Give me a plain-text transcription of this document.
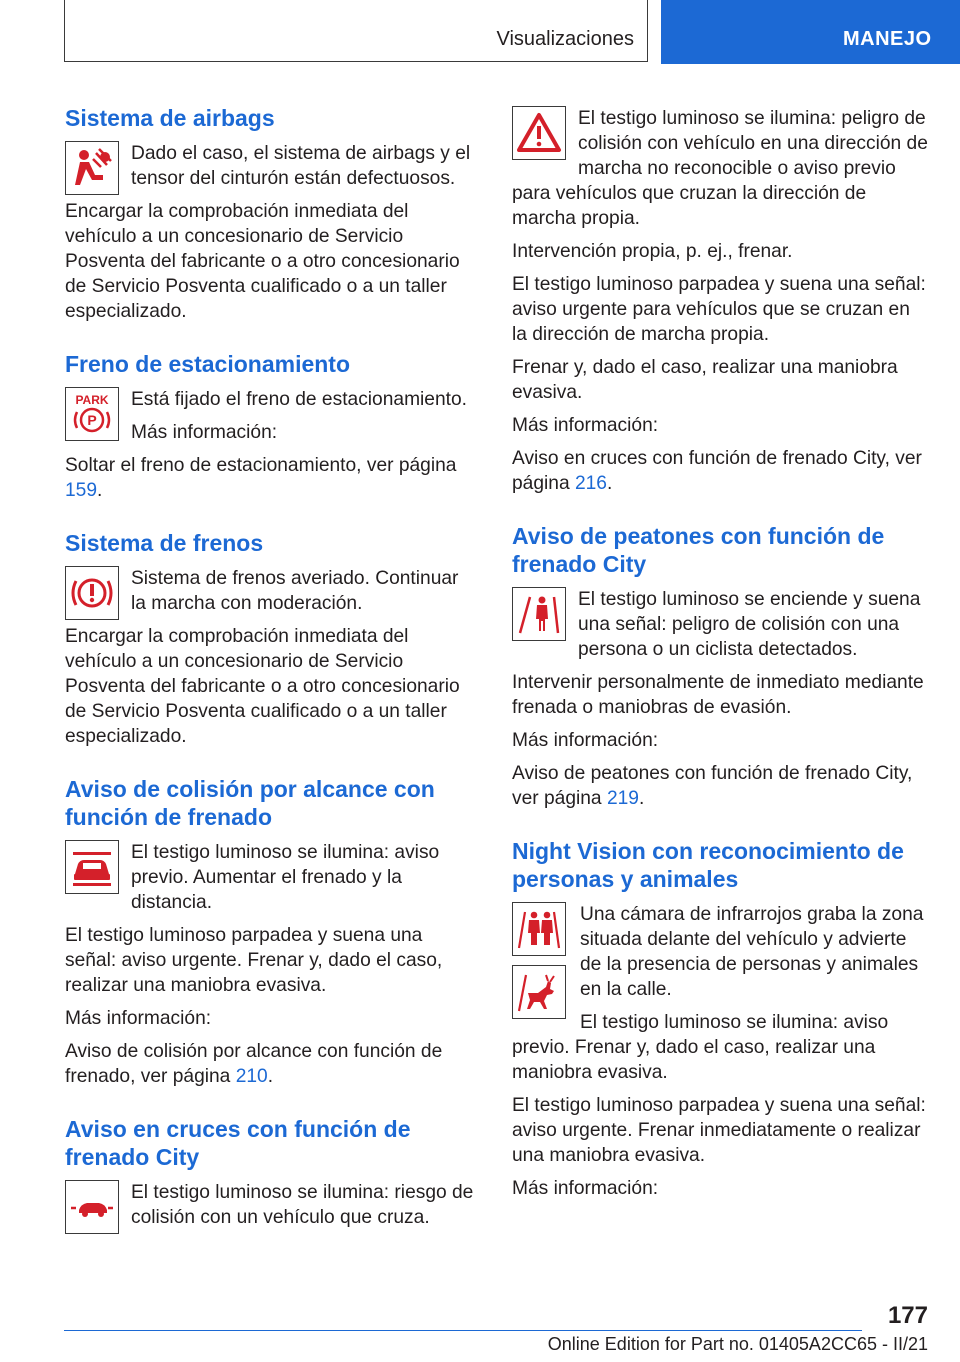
Visualizaciones	MANEJO
Sistema de airbags

Dado el caso, el sistema de airbags y el tensor del cinturón están defectuosos.

Encargar la comprobación inmediata del vehículo a un concesionario de Servicio Posventa del fabricante o a otro concesionario de Servicio Posventa cualificado o a un taller especializado.

Freno de estacionamiento
PARK
P

Está fijado el freno de estacionamiento.

Más información:

Soltar el freno de estacionamiento, ver página 159.

Sistema de frenos

Sistema de frenos averiado. Continuar la marcha con moderación.

Encargar la comprobación inmediata del vehículo a un concesionario de Servicio Posventa del fabricante o a otro concesionario de Servicio Posventa cualificado o a un taller especializado.

Aviso de colisión por alcance con función de frenado

El testigo luminoso se ilumina: aviso previo. Aumentar el frenado y la distancia.

El testigo luminoso parpadea y suena una señal: aviso urgente. Frenar y, dado el caso, realizar una maniobra evasiva.

Más información:

Aviso de colisión por alcance con función de frenado, ver página 210.

Aviso en cruces con función de frenado City

El testigo luminoso se ilumina: riesgo de colisión con un vehículo que cruza.

El testigo luminoso se ilumina: peligro de colisión con vehículo en una dirección de marcha no reconocible o aviso previo para vehículos que cruzan la dirección de marcha propia.

Intervención propia, p. ej., frenar.

El testigo luminoso parpadea y suena una señal: aviso urgente para vehículos que se cruzan en la dirección de marcha propia.

Frenar y, dado el caso, realizar una maniobra evasiva.

Más información:

Aviso en cruces con función de frenado City, ver página 216.

Aviso de peatones con función de frenado City

El testigo luminoso se enciende y suena una señal: peligro de colisión con una persona o un ciclista detectados.

Intervenir personalmente de inmediato mediante frenada o maniobras de evasión.

Más información:

Aviso de peatones con función de frenado City, ver página 219.

Night Vision con reconocimiento de personas y animales

Una cámara de infrarrojos graba la zona situada delante del vehículo y advierte de la presencia de personas y animales en la calle.

El testigo luminoso se ilumina: aviso previo. Frenar y, dado el caso, realizar una maniobra evasiva.

El testigo luminoso parpadea y suena una señal: aviso urgente. Frenar inmediatamente o realizar una maniobra evasiva.

Más información:

177
Online Edition for Part no. 01405A2CC65 - II/21
